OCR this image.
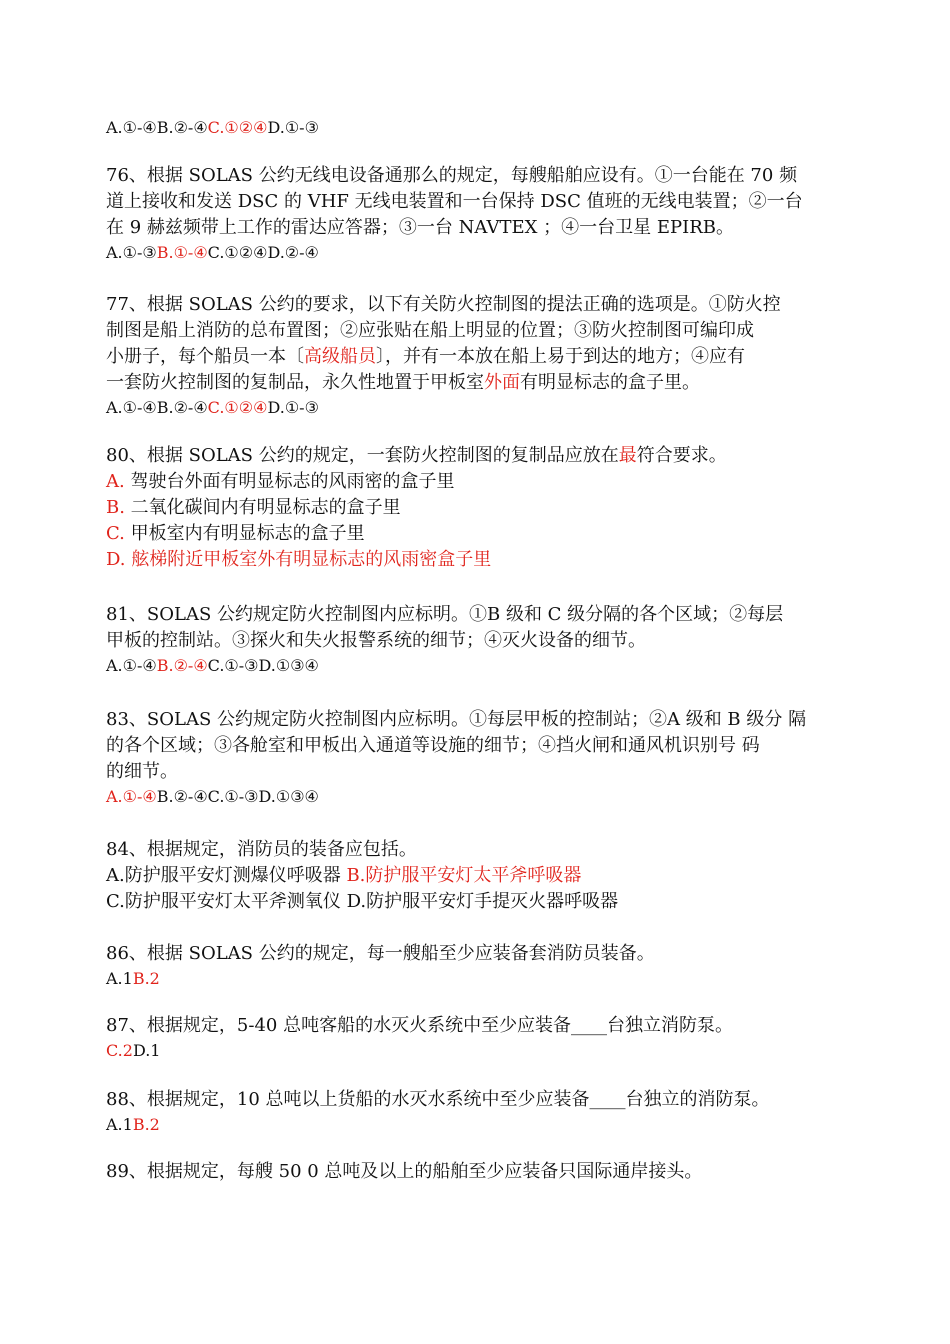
A.①-④B.②-④C.①②④D.①-③
76、根据 SOLAS 公约无线电设备通那么的规定，每艘船舶应设有。①一台能在 70 频
道上接收和发送 DSC 的 VHF 无线电装置和一台保持 DSC 值班的无线电装置；②一台
在 9 赫兹频带上工作的雷达应答器；③一台 NAVTEX ；④一台卫星 EPIRB。
A.①-③B.①-④C.①②④D.②-④
77、根据 SOLAS 公约的要求，以下有关防火控制图的提法正确的选项是。①防火控
制图是船上消防的总布置图；②应张贴在船上明显的位置；③防火控制图可编印成
小册子，每个船员一本〔高级船员〕，并有一本放在船上易于到达的地方；④应有
一套防火控制图的复制品，永久性地置于甲板室外面有明显标志的盒子里。
A.①-④B.②-④C.①②④D.①-③
80、根据 SOLAS 公约的规定，一套防火控制图的复制品应放在最符合要求。
A. 驾驶台外面有明显标志的风雨密的盒子里
B. 二氧化碳间内有明显标志的盒子里
C. 甲板室内有明显标志的盒子里
D. 舷梯附近甲板室外有明显标志的风雨密盒子里
81、SOLAS 公约规定防火控制图内应标明。①B 级和 C 级分隔的各个区域；②每层
甲板的控制站。③探火和失火报警系统的细节；④灭火设备的细节。
A.①-④B.②-④C.①-③D.①③④
83、SOLAS 公约规定防火控制图内应标明。①每层甲板的控制站；②A 级和 B 级分 隔
的各个区域；③各舱室和甲板出入通道等设施的细节；④挡火闸和通风机识别号 码
的细节。
A.①-④B.②-④C.①-③D.①③④
84、根据规定，消防员的装备应包括。
A.防护服平安灯测爆仪呼吸器 B.防护服平安灯太平斧呼吸器
C.防护服平安灯太平斧测氧仪 D.防护服平安灯手提灭火器呼吸器
86、根据 SOLAS 公约的规定，每一艘船至少应装备套消防员装备。
A.1B.2
87、根据规定，5-40 总吨客船的水灭火系统中至少应装备____台独立消防泵。
C.2D.1
88、根据规定，10 总吨以上货船的水灭水系统中至少应装备____台独立的消防泵。
A.1B.2
89、根据规定，每艘 50 0 总吨及以上的船舶至少应装备只国际通岸接头。
